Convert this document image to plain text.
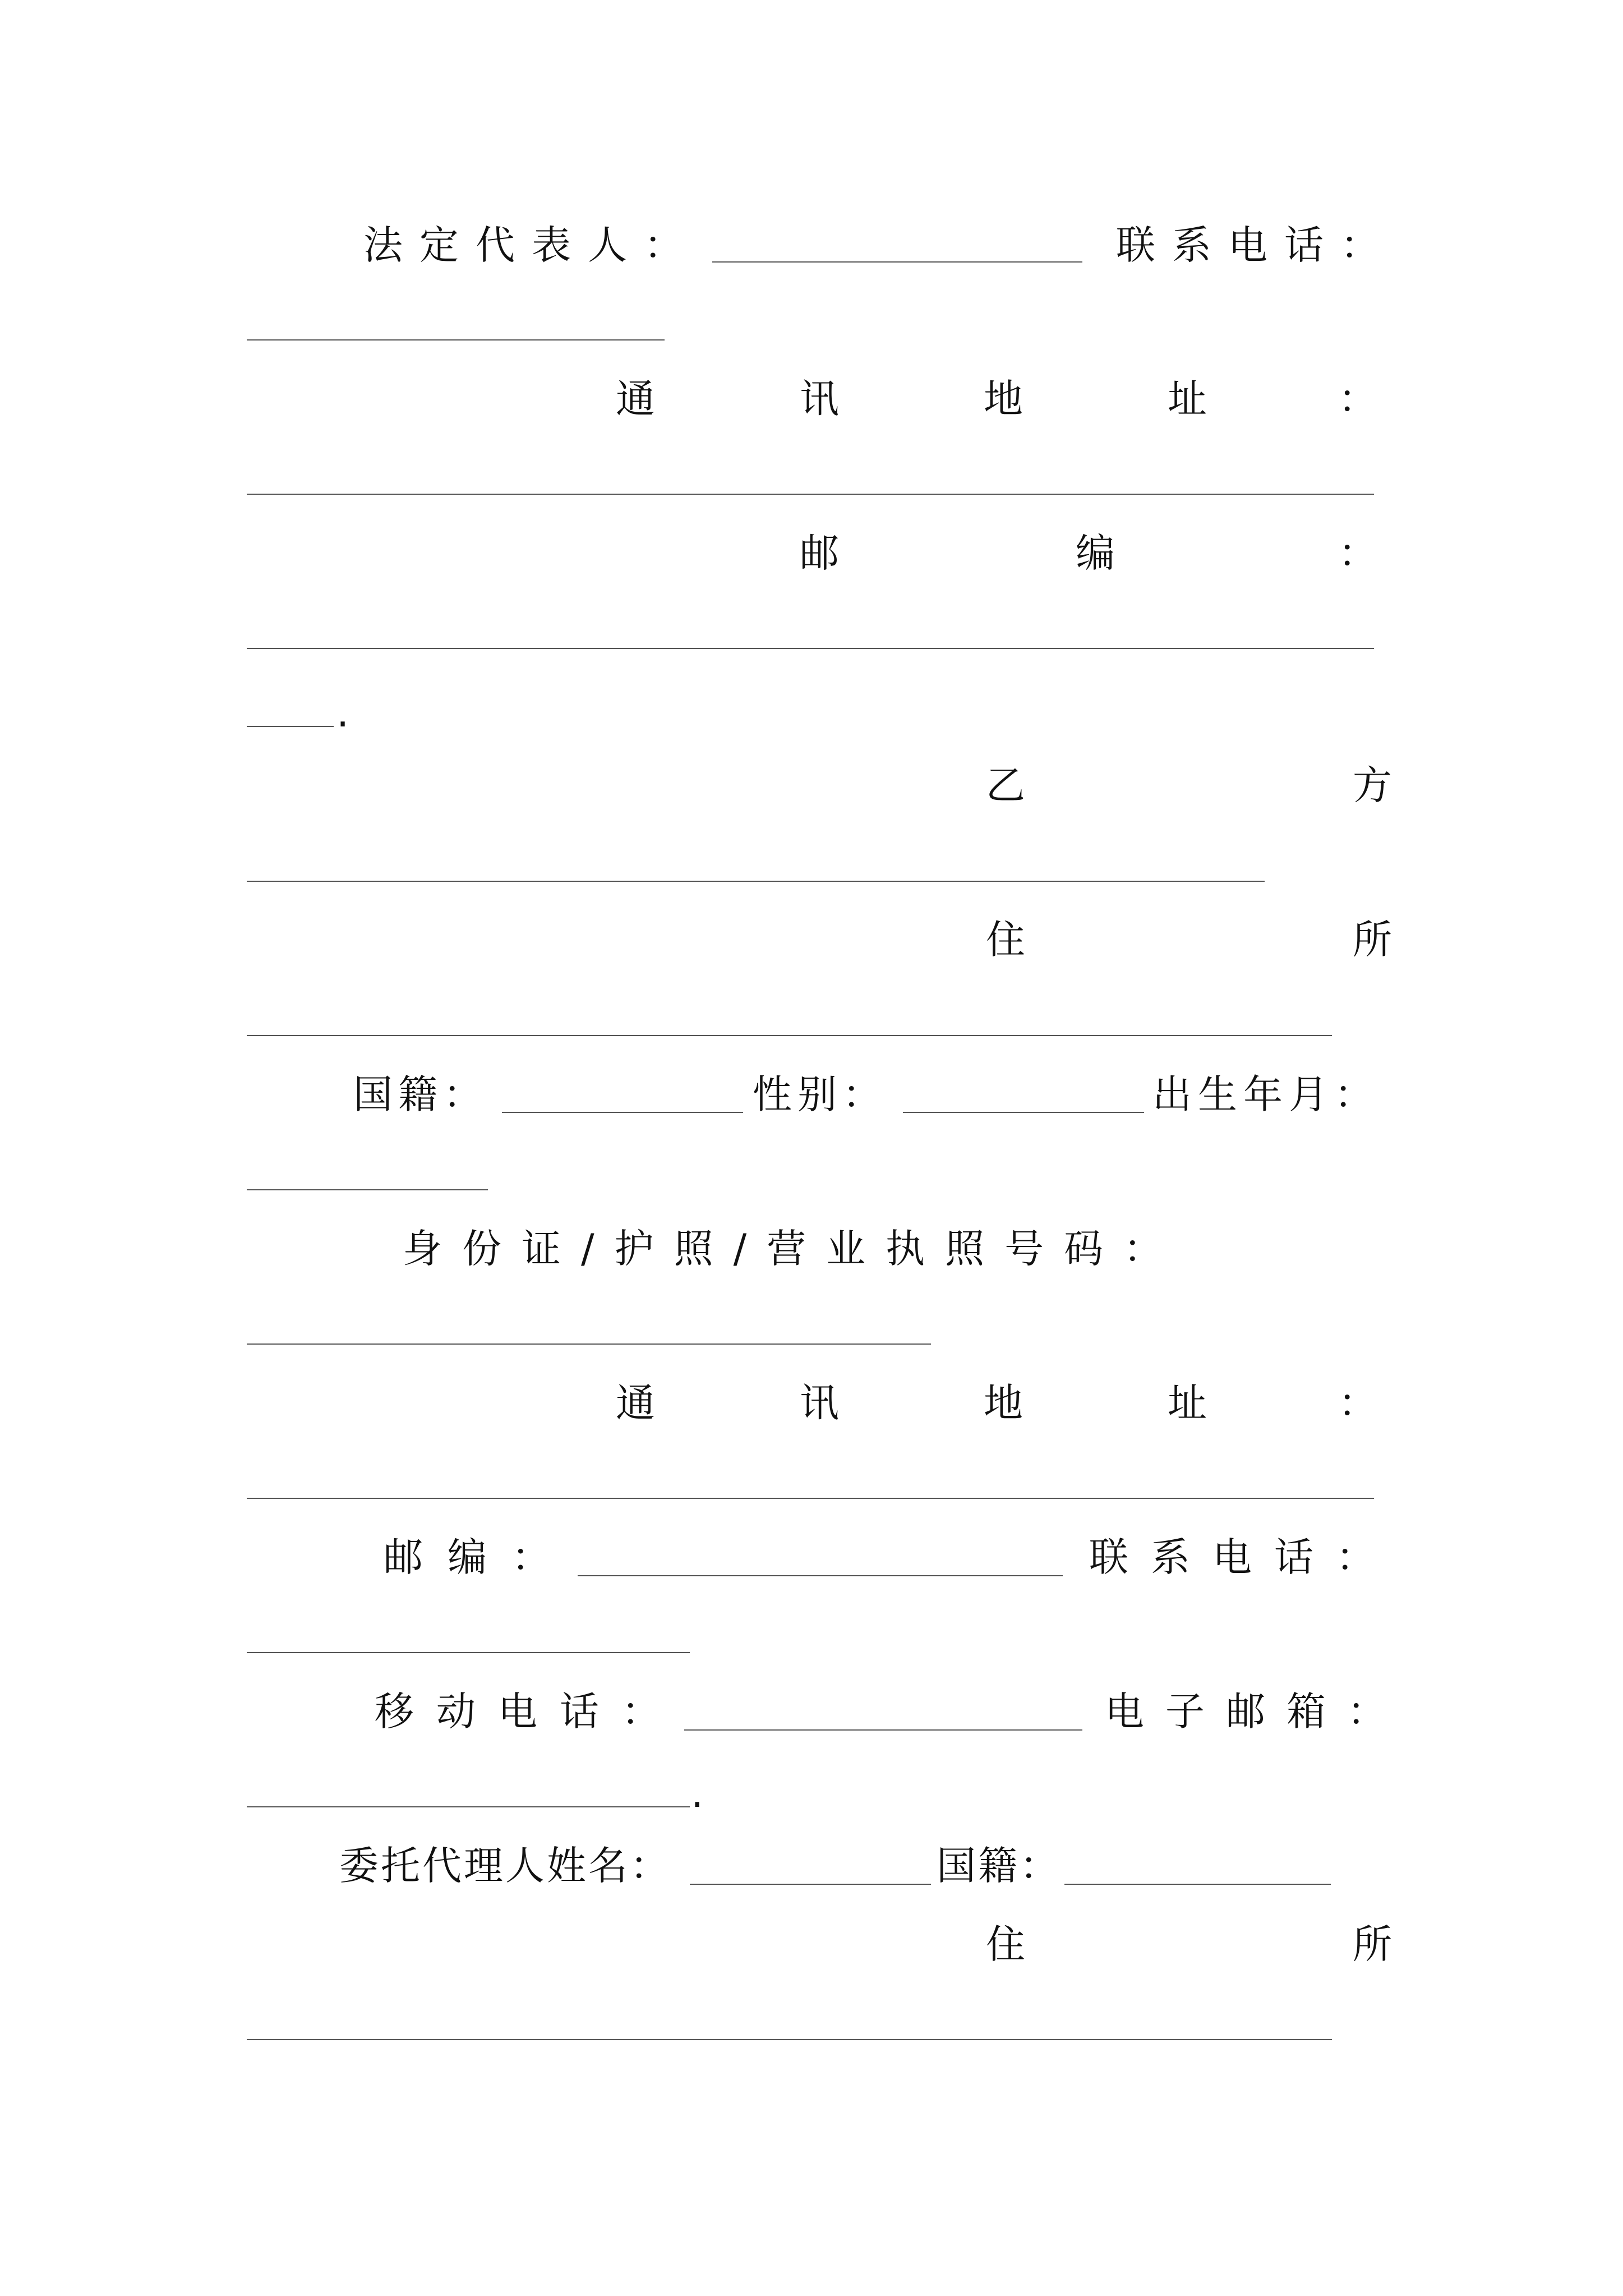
法定代表人：	联系电话：
通	讯	地	址	：
邮	编	：
.
乙	方
住	所
国籍：	性别：	出生年月：
身份证/护照/营业执照号码：
通	讯	地	址	：
邮编：	联系电话：
移动电话：	电子邮箱：
.
委托代理人姓名：	国籍：
住	所
